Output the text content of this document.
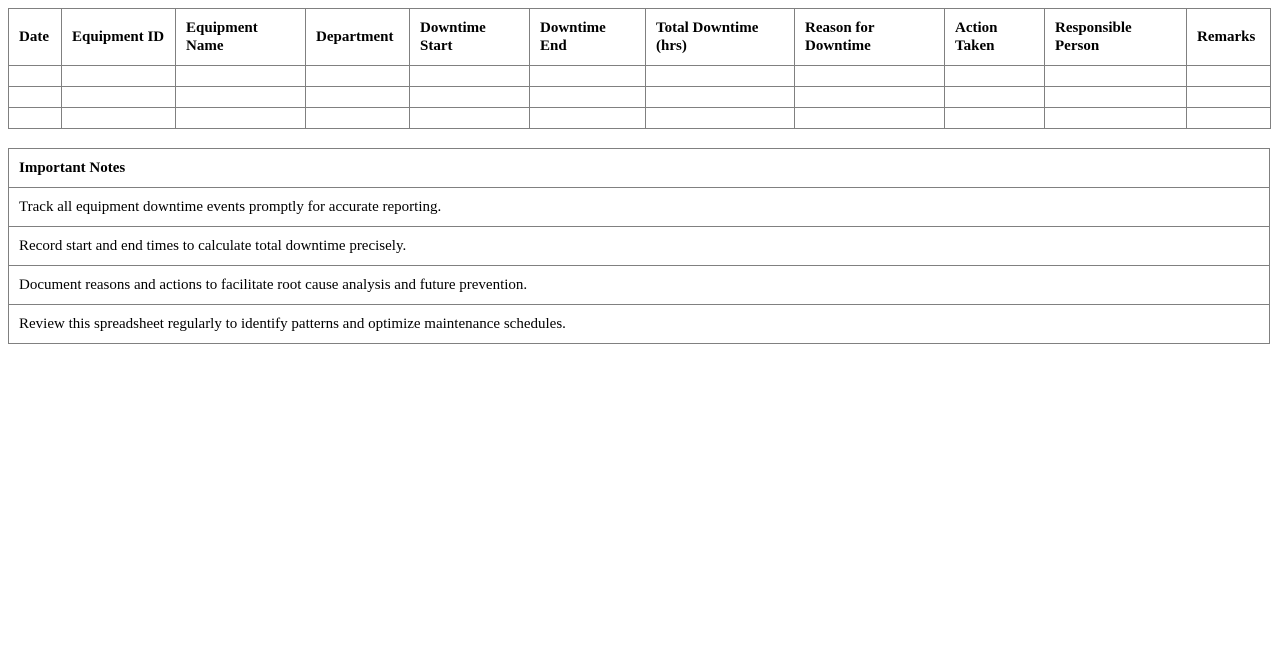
Date	Equipment ID	Equipment Name	Department	Downtime Start	Downtime End	Total Downtime (hrs)	Reason for Downtime	Action Taken	Responsible Person	Remarks

Important Notes
Track all equipment downtime events promptly for accurate reporting.
Record start and end times to calculate total downtime precisely.
Document reasons and actions to facilitate root cause analysis and future prevention.
Review this spreadsheet regularly to identify patterns and optimize maintenance schedules.
